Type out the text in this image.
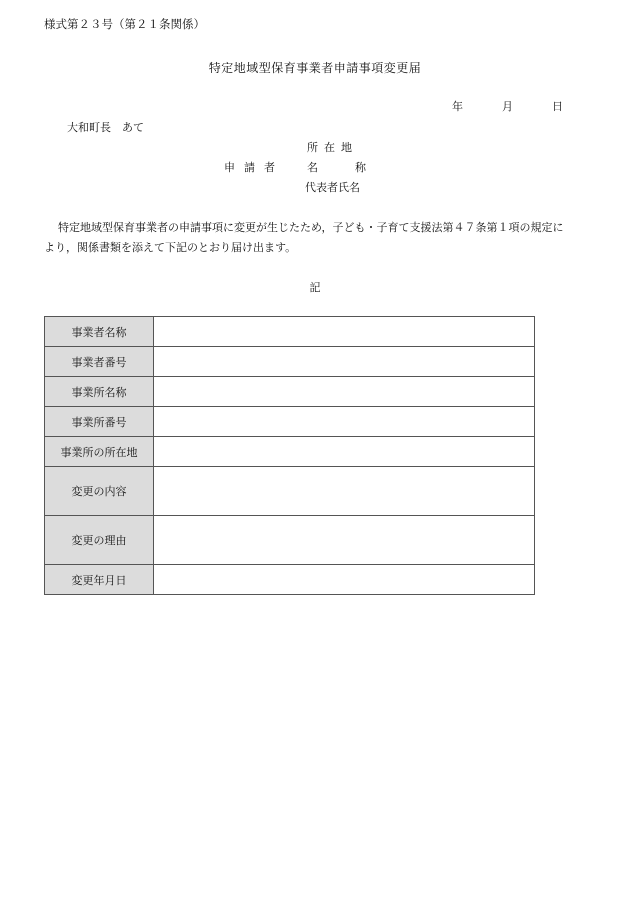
様式第２３号（第２１条関係）
特定地域型保育事業者申請事項変更届
年	月	日
大和町長　あて
所在地
申請者 名	称
代表者氏名
特定地域型保育事業者の申請事項に変更が生じたため，子ども・子育て支援法第４７条第１項の規定により，関係書類を添えて下記のとおり届け出ます。
記
事業者名称	
事業者番号	
事業所名称	
事業所番号	
事業所の所在地	
変更の内容	
変更の理由	
変更年月日	
